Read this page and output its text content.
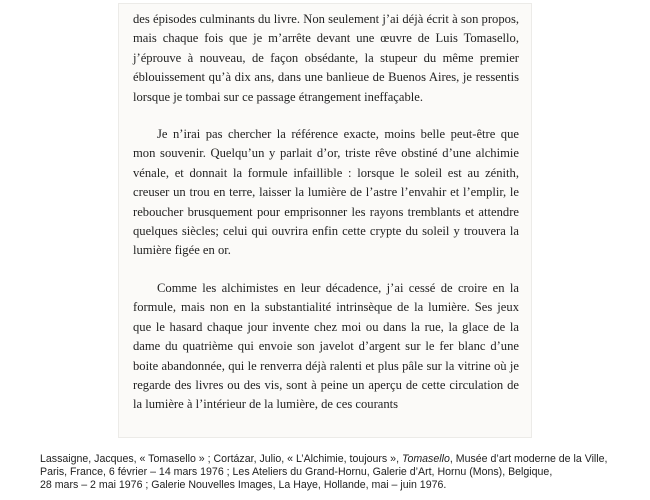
des épisodes culminants du livre. Non seulement j’ai déjà écrit à son propos, mais chaque fois que je m’arrête devant une œuvre de Luis Tomasello, j’éprouve à nouveau, de façon obsédante, la stupeur du même premier éblouissement qu’à dix ans, dans une banlieue de Buenos Aires, je ressentis lorsque je tombai sur ce passage étrangement ineffaçable.

Je n’irai pas chercher la référence exacte, moins belle peut-être que mon souvenir. Quelqu’un y parlait d’or, triste rêve obstiné d’une alchimie vénale, et donnait la formule infaillible : lorsque le soleil est au zénith, creuser un trou en terre, laisser la lumière de l’astre l’envahir et l’emplir, le reboucher brusquement pour emprisonner les rayons tremblants et attendre quelques siècles; celui qui ouvrira enfin cette crypte du soleil y trouvera la lumière figée en or.

Comme les alchimistes en leur décadence, j’ai cessé de croire en la formule, mais non en la substantialité intrinsèque de la lumière. Ses jeux que le hasard chaque jour invente chez moi ou dans la rue, la glace de la dame du quatrième qui envoie son javelot d’argent sur le fer blanc d’une boite abandonnée, qui le renverra déjà ralenti et plus pâle sur la vitrine où je regarde des livres ou des vis, sont à peine un aperçu de cette circulation de la lumière à l’intérieur de la lumière, de ces courants

Lassaigne, Jacques, « Tomasello » ; Cortázar, Julio, « L’Alchimie, toujours », Tomasello, Musée d’art moderne de la Ville,
Paris, France, 6 février – 14 mars 1976 ; Les Ateliers du Grand-Hornu, Galerie d’Art, Hornu (Mons), Belgique,
28 mars – 2 mai 1976 ; Galerie Nouvelles Images, La Haye, Hollande, mai – juin 1976.
